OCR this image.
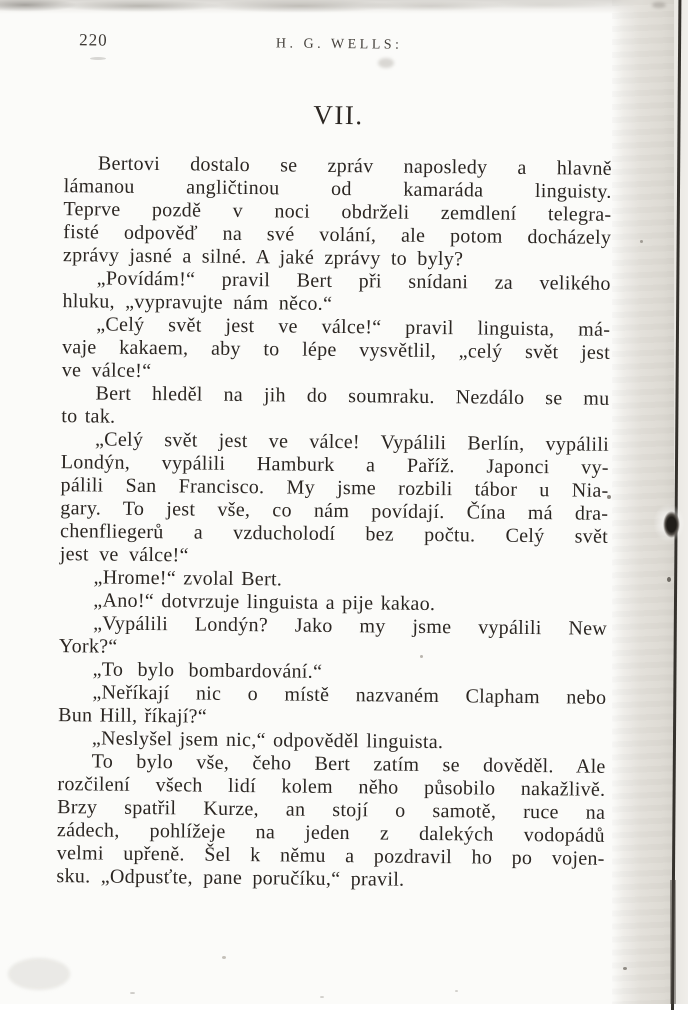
220	H. G. WELLS:
VII.
Bertovi dostalo se zpráv naposledy a hlavně
lámanou angličtinou od kamaráda linguisty.
Teprve pozdě v noci obdrželi zemdlení telegra-
fisté odpověď na své volání, ale potom docházely
zprávy jasné a silné. A jaké zprávy to byly?
„Povídám!“ pravil Bert při snídani za velikého
hluku, „vypravujte nám něco.“
„Celý svět jest ve válce!“ pravil linguista, má-
vaje kakaem, aby to lépe vysvětlil, „celý svět jest
ve válce!“
Bert hleděl na jih do soumraku. Nezdálo se mu
to tak.
„Celý svět jest ve válce! Vypálili Berlín, vypálili
Londýn, vypálili Hamburk a Paříž. Japonci vy-
pálili San Francisco. My jsme rozbili tábor u Nia-
gary. To jest vše, co nám povídají. Čína má dra-
chenfliegerů a vzducholodí bez počtu. Celý svět
jest ve válce!“
„Hrome!“ zvolal Bert.
„Ano!“ dotvrzuje linguista a pije kakao.
„Vypálili Londýn? Jako my jsme vypálili New
York?“
„To bylo bombardování.“
„Neříkají nic o místě nazvaném Clapham nebo
Bun Hill, říkají?“
„Neslyšel jsem nic,“ odpověděl linguista.
To bylo vše, čeho Bert zatím se dověděl. Ale
rozčilení všech lidí kolem něho působilo nakažlivě.
Brzy spatřil Kurze, an stojí o samotě, ruce na
zádech, pohlížeje na jeden z dalekých vodopádů
velmi upřeně. Šel k němu a pozdravil ho po vojen-
sku. „Odpusťte, pane poručíku,“ pravil.
